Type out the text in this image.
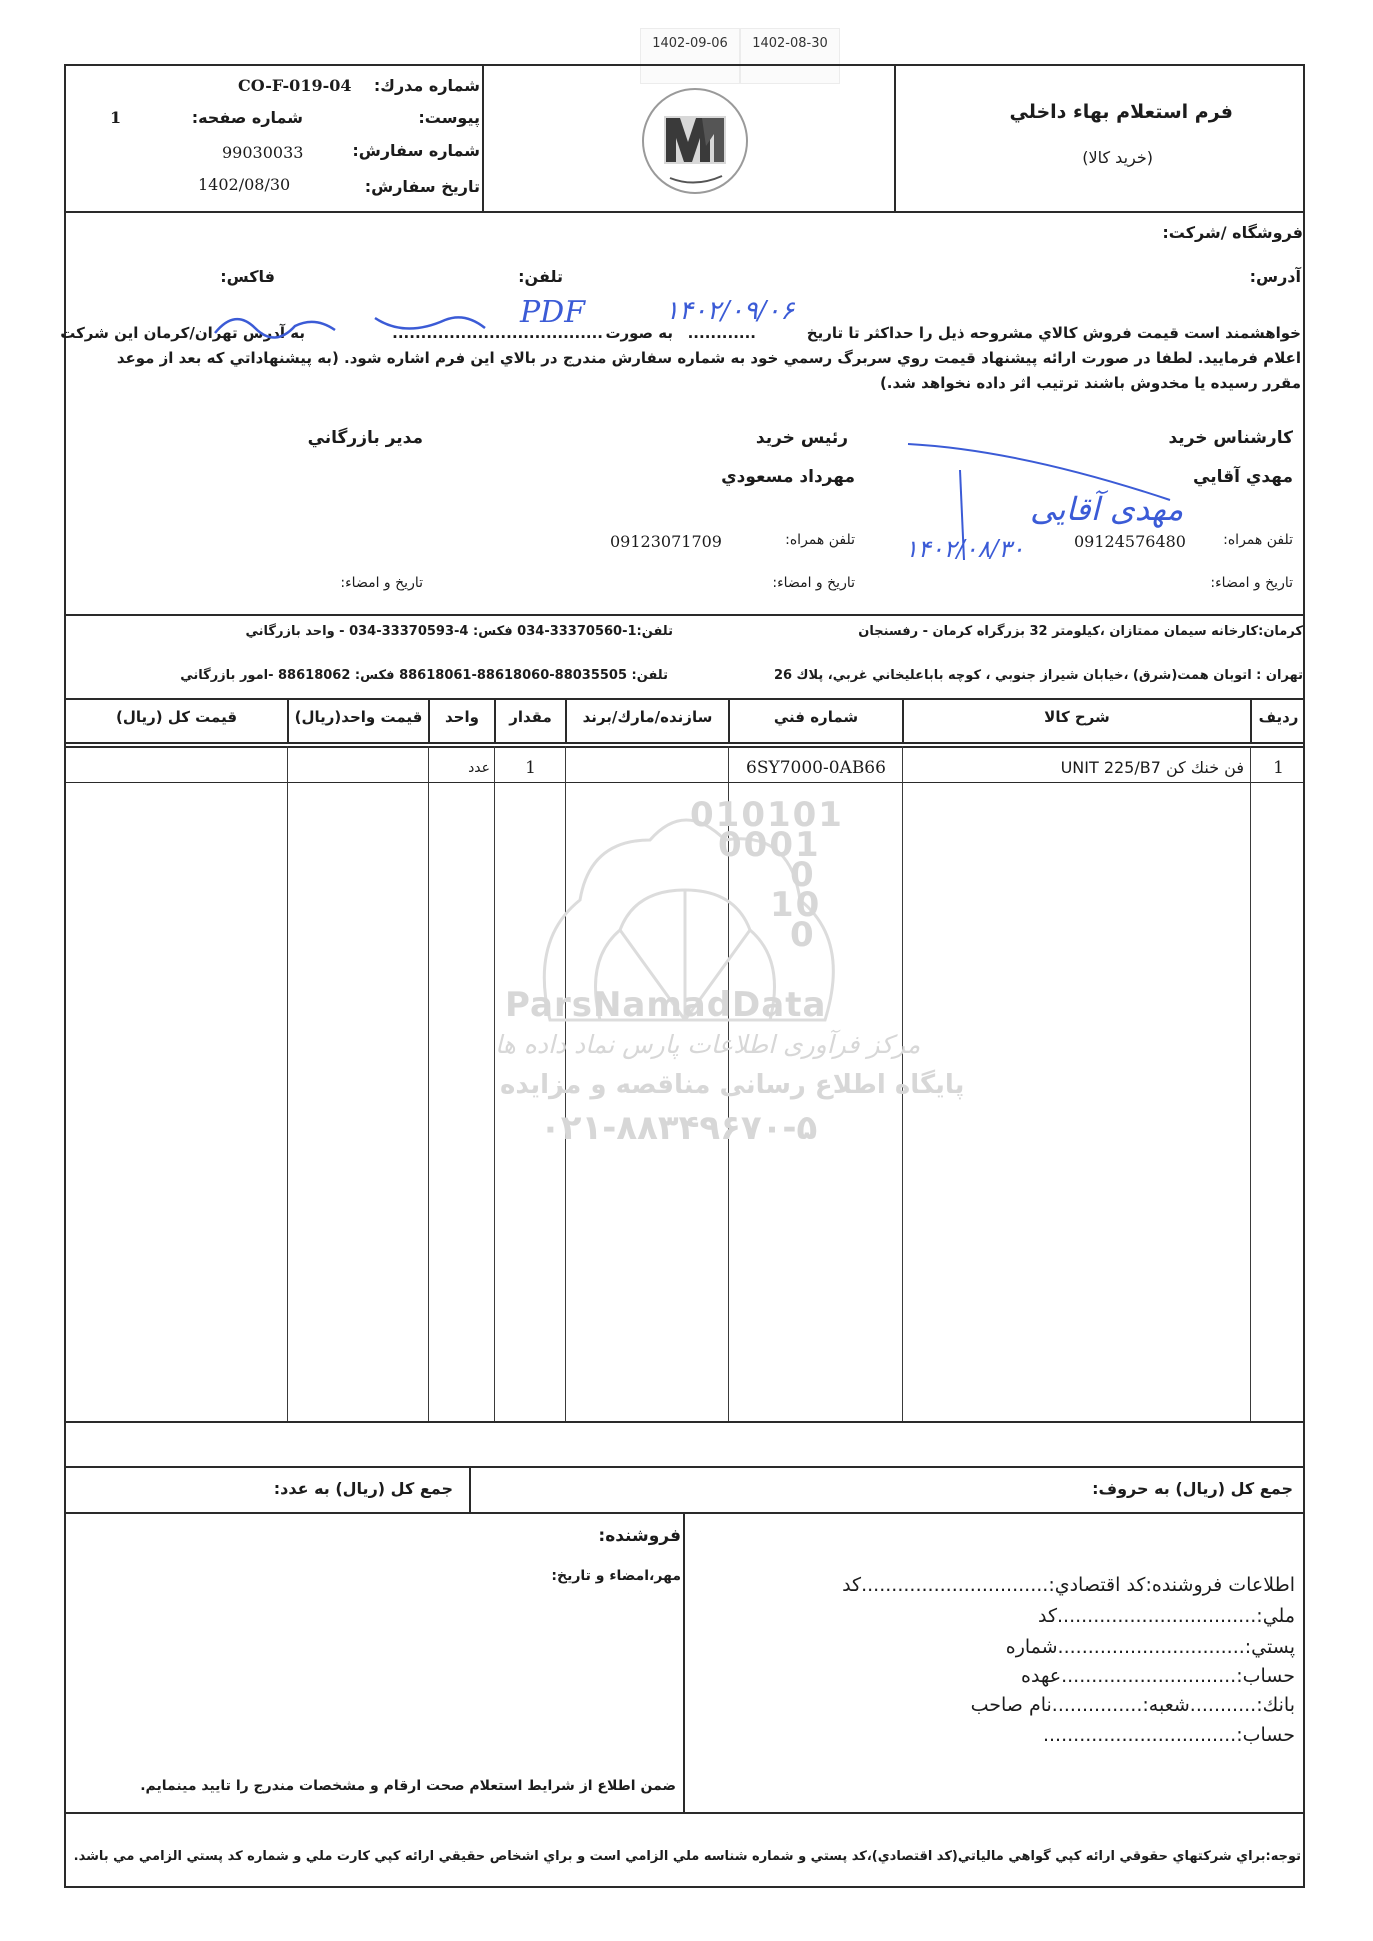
1402-09-06	1402-08-30
فرم استعلام بهاء داخلي
(خريد كالا)
شماره مدرك:
CO-F-019-04
پيوست:
شماره صفحه:
1
شماره سفارش:
99030033
تاريخ سفارش:
1402/08/30
فروشگاه /شركت:
آدرس:
تلفن:
فاكس:
خواهشمند است قيمت فروش كالاي مشروحه ذيل را حداكثر تا تاريخ
............
به صورت
.....................................
به آدرس تهران/كرمان اين شركت
اعلام فرماييد. لطفا در صورت ارائه پيشنهاد قيمت روي سربرگ رسمي خود به شماره سفارش مندرج در بالاي اين فرم اشاره شود. (به پيشنهاداتي كه بعد از موعد
مقرر رسيده يا مخدوش باشند ترتيب اثر داده نخواهد شد.)
۱۴۰۲/۰۹/۰۶
PDF
كارشناس خريد
مهدي آقايي
تلفن همراه:
09124576480
تاريخ و امضاء:
رئيس خريد
مهرداد مسعودي
تلفن همراه:
09123071709
تاريخ و امضاء:
مدير بازرگاني
تاريخ و امضاء:
مهدی آقایی
۱۴۰۲/۰۸/۳۰
كرمان:كارخانه سيمان ممتازان ،كيلومتر 32 بزرگراه كرمان - رفسنجان
تلفن:1-33370560-034 فكس: 4-33370593-034 - واحد بازرگاني
تهران : اتوبان همت(شرق) ،خيابان شيراز جنوبي ، كوچه باباعليخاني غربي، پلاك 26
تلفن: 88035505-88618060-88618061 فكس: 88618062 -امور بازرگاني
رديف
شرح كالا
شماره فني
سازنده/مارك/برند
مقدار
واحد
قيمت واحد(ريال)
قيمت كل (ريال)
1
فن خنك كن UNIT 225/B7
6SY7000-0AB66
1
عدد
010101
0001
0
10
0
ParsNamadData
مرکز فرآوری اطلاعات پارس نماد داده ها
پایگاه اطلاع رسانی مناقصه و مزایده
۰۲۱-۸۸۳۴۹۶۷۰-۵
جمع كل (ريال) به حروف:
جمع كل (ريال) به عدد:
اطلاعات فروشنده:كد اقتصادي:...............................كد
ملي:.................................كد
پستي:...............................شماره
حساب:.............................عهده
بانك:...........شعبه:...............نام صاحب
حساب:................................
فروشنده:
مهر،امضاء و تاريخ:
ضمن اطلاع از شرايط استعلام صحت ارقام و مشخصات مندرج را تاييد مينمايم.
توجه:براي شركتهاي حقوقي ارائه كپي گواهي مالياتي(كد اقتصادي)،كد پستي و شماره شناسه ملي الزامي است و براي اشخاص حقيقي ارائه كپي كارت ملي و شماره كد پستي الزامي مي باشد.
